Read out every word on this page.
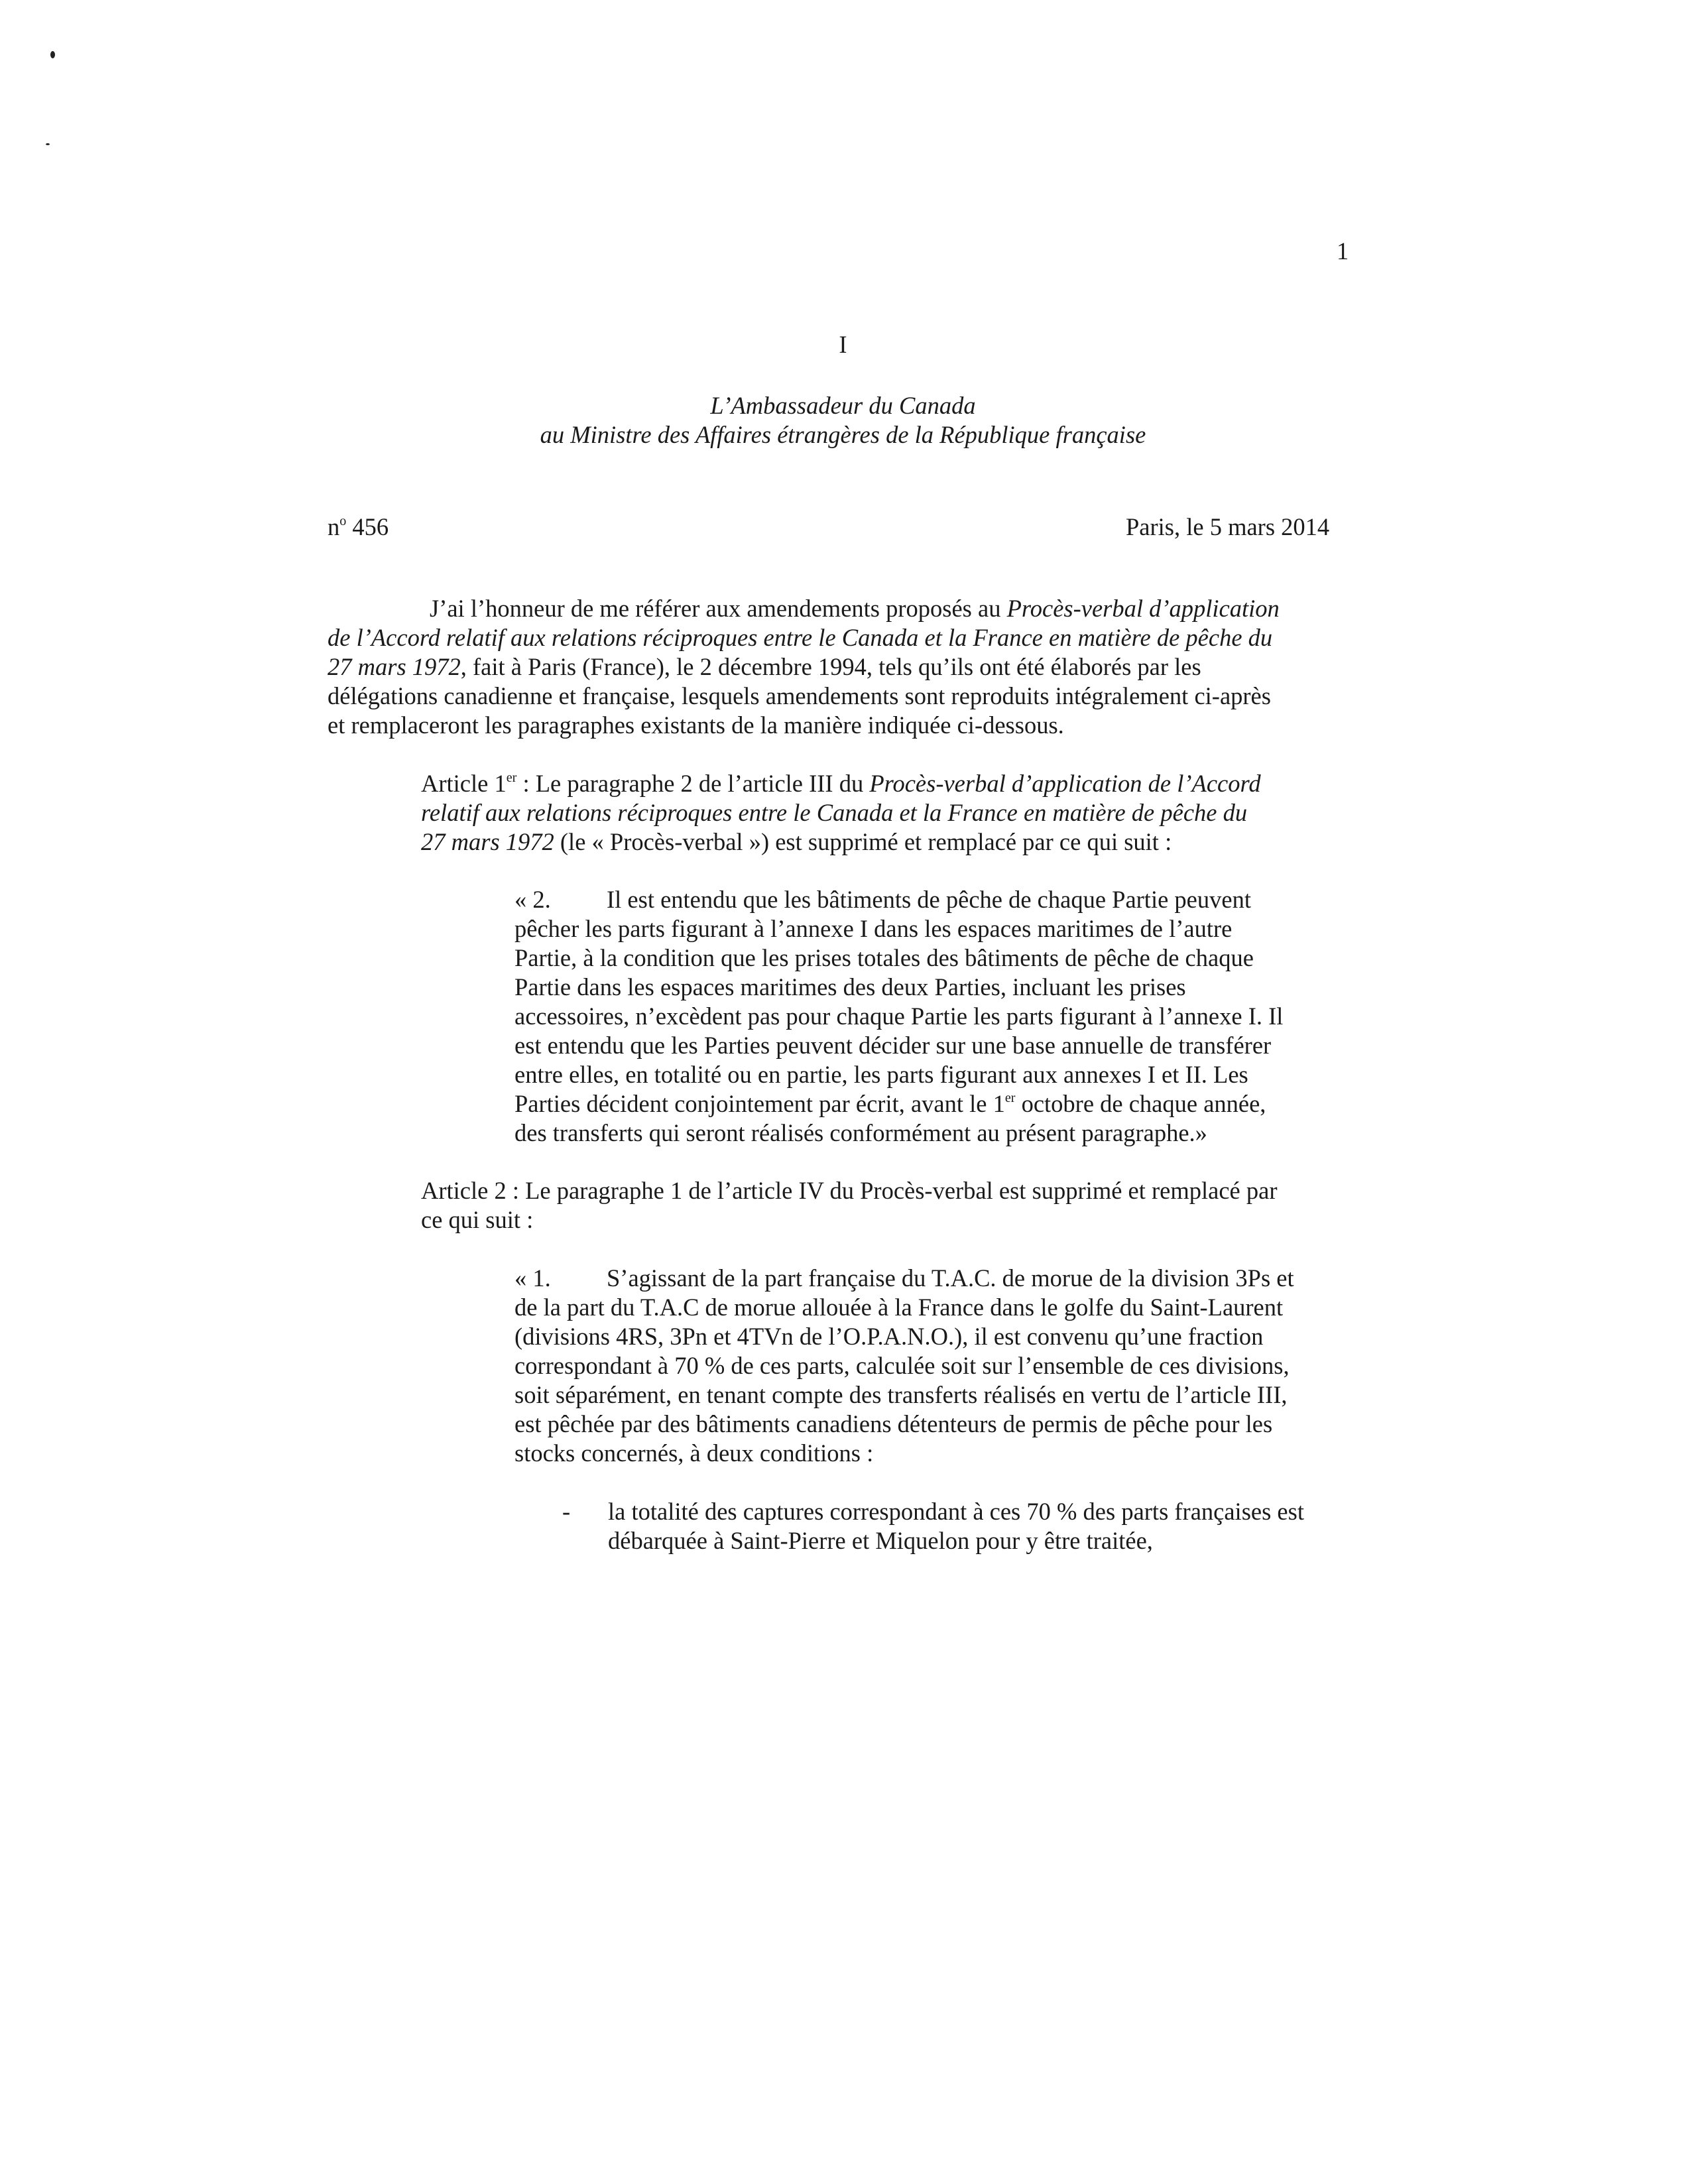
1
I
L’Ambassadeur du Canada
au Ministre des Affaires étrangères de la République française
$n^o$ 456	Paris, le 5 mars 2014
J’ai l’honneur de me référer aux amendements proposés au Procès-verbal d’application
de l’Accord relatif aux relations réciproques entre le Canada et la France en matière de pêche du
27 mars 1972, fait à Paris (France), le 2 décembre 1994, tels qu’ils ont été élaborés par les
délégations canadienne et française, lesquels amendements sont reproduits intégralement ci-après
et remplaceront les paragraphes existants de la manière indiquée ci-dessous.
Article 1er : Le paragraphe 2 de l’article III du Procès-verbal d’application de l’Accord
relatif aux relations réciproques entre le Canada et la France en matière de pêche du
27 mars 1972 (le « Procès-verbal ») est supprimé et remplacé par ce qui suit :
« 2. Il est entendu que les bâtiments de pêche de chaque Partie peuvent
pêcher les parts figurant à l’annexe I dans les espaces maritimes de l’autre
Partie, à la condition que les prises totales des bâtiments de pêche de chaque
Partie dans les espaces maritimes des deux Parties, incluant les prises
accessoires, n’excèdent pas pour chaque Partie les parts figurant à l’annexe I. Il
est entendu que les Parties peuvent décider sur une base annuelle de transférer
entre elles, en totalité ou en partie, les parts figurant aux annexes I et II. Les
Parties décident conjointement par écrit, avant le 1er octobre de chaque année,
des transferts qui seront réalisés conformément au présent paragraphe.»
Article 2 : Le paragraphe 1 de l’article IV du Procès-verbal est supprimé et remplacé par
ce qui suit :
« 1. S’agissant de la part française du T.A.C. de morue de la division 3Ps et
de la part du T.A.C de morue allouée à la France dans le golfe du Saint-Laurent
(divisions 4RS, 3Pn et 4TVn de l’O.P.A.N.O.), il est convenu qu’une fraction
correspondant à 70 % de ces parts, calculée soit sur l’ensemble de ces divisions,
soit séparément, en tenant compte des transferts réalisés en vertu de l’article III,
est pêchée par des bâtiments canadiens détenteurs de permis de pêche pour les
stocks concernés, à deux conditions :
- la totalité des captures correspondant à ces 70 % des parts françaises est
débarquée à Saint-Pierre et Miquelon pour y être traitée,
